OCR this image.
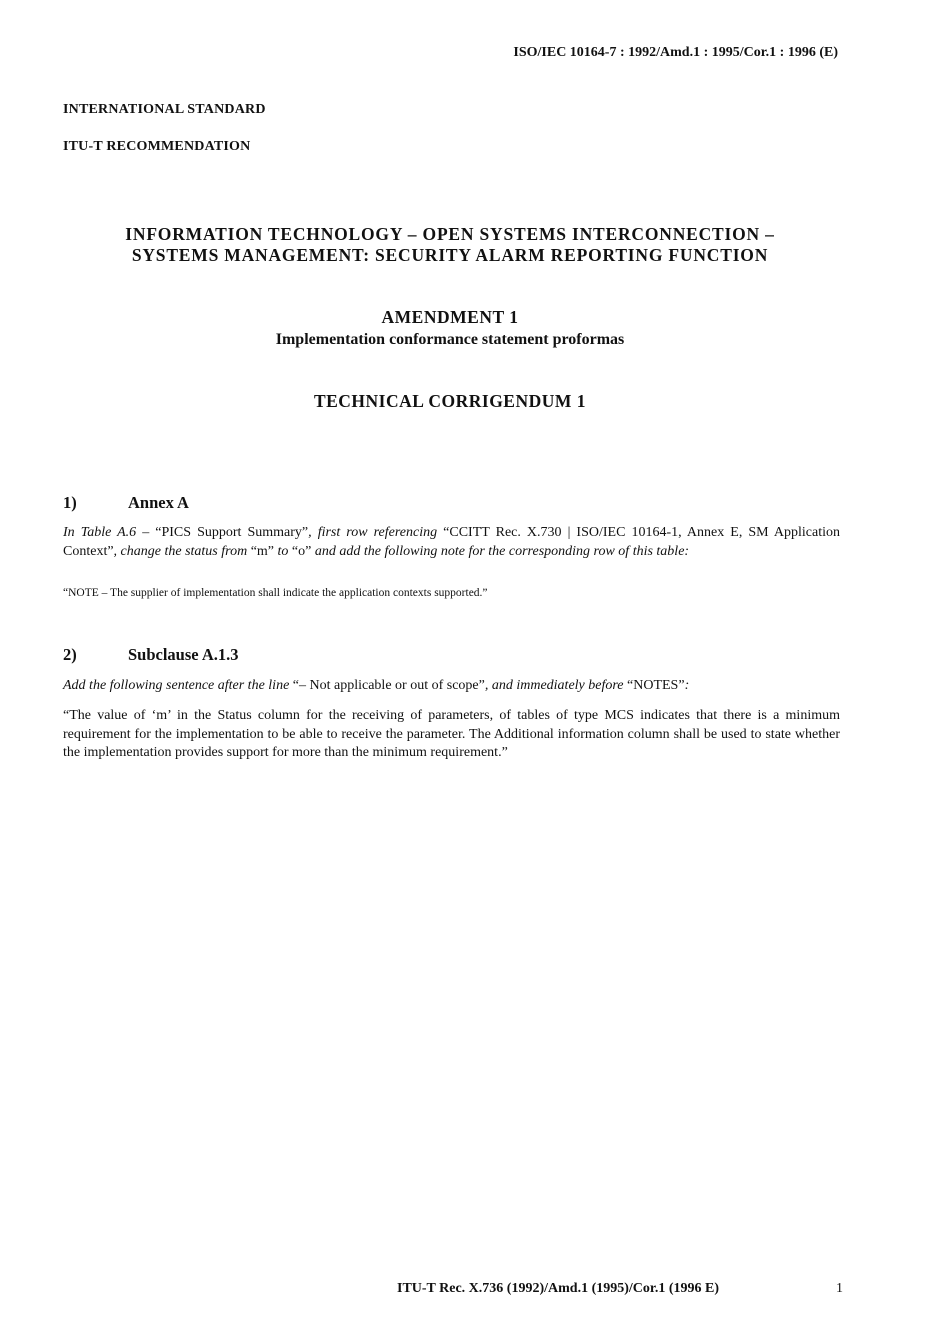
ISO/IEC 10164-7 : 1992/Amd.1 : 1995/Cor.1 : 1996 (E)
INTERNATIONAL STANDARD
ITU-T RECOMMENDATION
INFORMATION TECHNOLOGY – OPEN SYSTEMS INTERCONNECTION –
SYSTEMS MANAGEMENT: SECURITY ALARM REPORTING FUNCTION
AMENDMENT 1
Implementation conformance statement proformas
TECHNICAL CORRIGENDUM 1
1)	Annex A
In Table A.6 – “PICS Support Summary”, first row referencing “CCITT Rec. X.730 | ISO/IEC 10164-1, Annex E, SM Application Context”, change the status from “m” to “o” and add the following note for the corresponding row of this table:
“NOTE – The supplier of implementation shall indicate the application contexts supported.”
2)	Subclause A.1.3
Add the following sentence after the line “– Not applicable or out of scope”, and immediately before “NOTES”:
“The value of ‘m’ in the Status column for the receiving of parameters, of tables of type MCS indicates that there is a minimum requirement for the implementation to be able to receive the parameter. The Additional information column shall be used to state whether the implementation provides support for more than the minimum requirement.”
ITU-T Rec. X.736 (1992)/Amd.1 (1995)/Cor.1 (1996 E)	1
